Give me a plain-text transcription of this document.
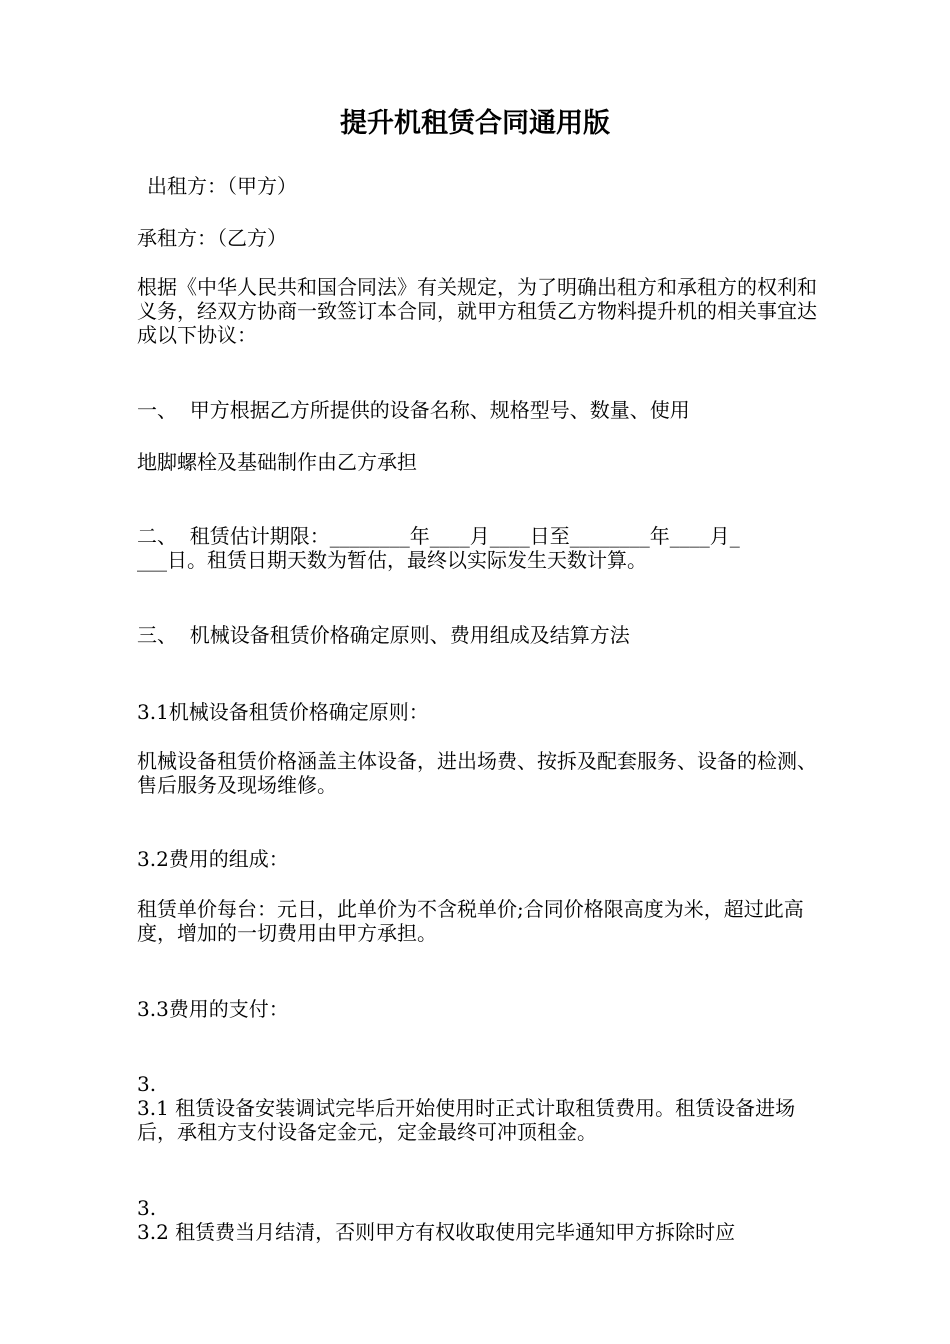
提升机租赁合同通用版
出租方：（甲方）
承租方：（乙方）
根据《中华人民共和国合同法》有关规定，为了明确出租方和承租方的权利和义务，经双方协商一致签订本合同，就甲方租赁乙方物料提升机的相关事宜达成以下协议：
一、  甲方根据乙方所提供的设备名称、规格型号、数量、使用
地脚螺栓及基础制作由乙方承担
二、  租赁估计期限：________年____月____日至________年____月_
___日。租赁日期天数为暂估，最终以实际发生天数计算。
三、  机械设备租赁价格确定原则、费用组成及结算方法
3.1机械设备租赁价格确定原则：
机械设备租赁价格涵盖主体设备，进出场费、按拆及配套服务、设备的检测、售后服务及现场维修。
3.2费用的组成：
租赁单价每台：元日，此单价为不含税单价;合同价格限高度为米，超过此高度，增加的一切费用由甲方承担。
3.3费用的支付：
3.
3.1 租赁设备安装调试完毕后开始使用时正式计取租赁费用。租赁设备进场后，承租方支付设备定金元，定金最终可冲顶租金。
3.
3.2 租赁费当月结清，否则甲方有权收取使用完毕通知甲方拆除时应
